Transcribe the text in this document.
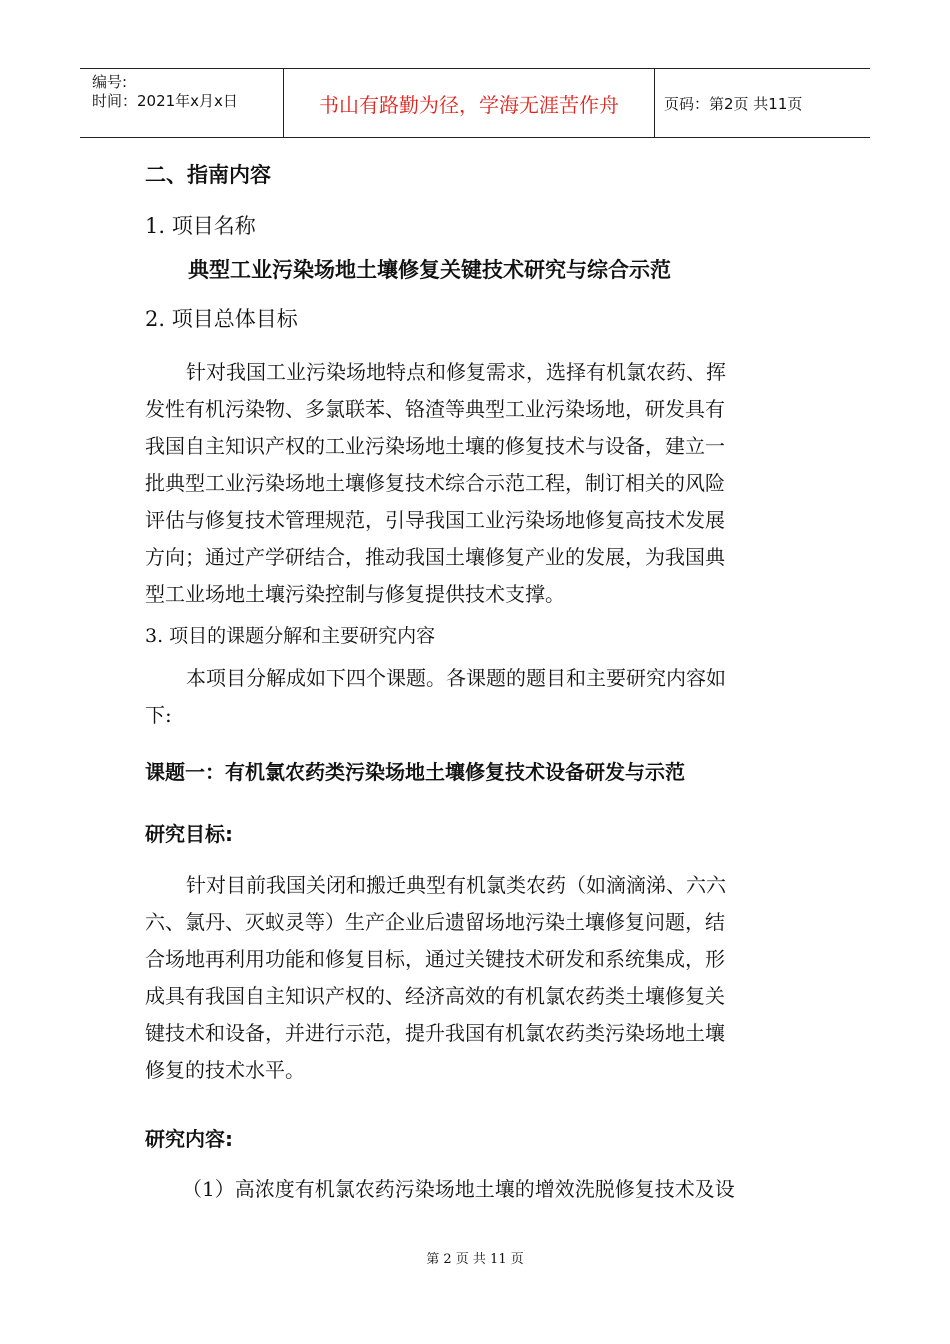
编号:
时间：2021年x月x日	书山有路勤为径，学海无涯苦作舟	页码：第2页 共11页
二、指南内容
1. 项目名称
典型工业污染场地土壤修复关键技术研究与综合示范
2. 项目总体目标
针对我国工业污染场地特点和修复需求，选择有机氯农药、挥
发性有机污染物、多氯联苯、铬渣等典型工业污染场地，研发具有
我国自主知识产权的工业污染场地土壤的修复技术与设备，建立一
批典型工业污染场地土壤修复技术综合示范工程，制订相关的风险
评估与修复技术管理规范，引导我国工业污染场地修复高技术发展
方向；通过产学研结合，推动我国土壤修复产业的发展，为我国典
型工业场地土壤污染控制与修复提供技术支撑。
3. 项目的课题分解和主要研究内容
本项目分解成如下四个课题。各课题的题目和主要研究内容如
下:
课题一：有机氯农药类污染场地土壤修复技术设备研发与示范
研究目标:
针对目前我国关闭和搬迁典型有机氯类农药（如滴滴涕、六六
六、氯丹、灭蚁灵等）生产企业后遗留场地污染土壤修复问题，结
合场地再利用功能和修复目标，通过关键技术研发和系统集成，形
成具有我国自主知识产权的、经济高效的有机氯农药类土壤修复关
键技术和设备，并进行示范，提升我国有机氯农药类污染场地土壤
修复的技术水平。
研究内容:
（1）高浓度有机氯农药污染场地土壤的增效洗脱修复技术及设
第 2 页 共 11 页
